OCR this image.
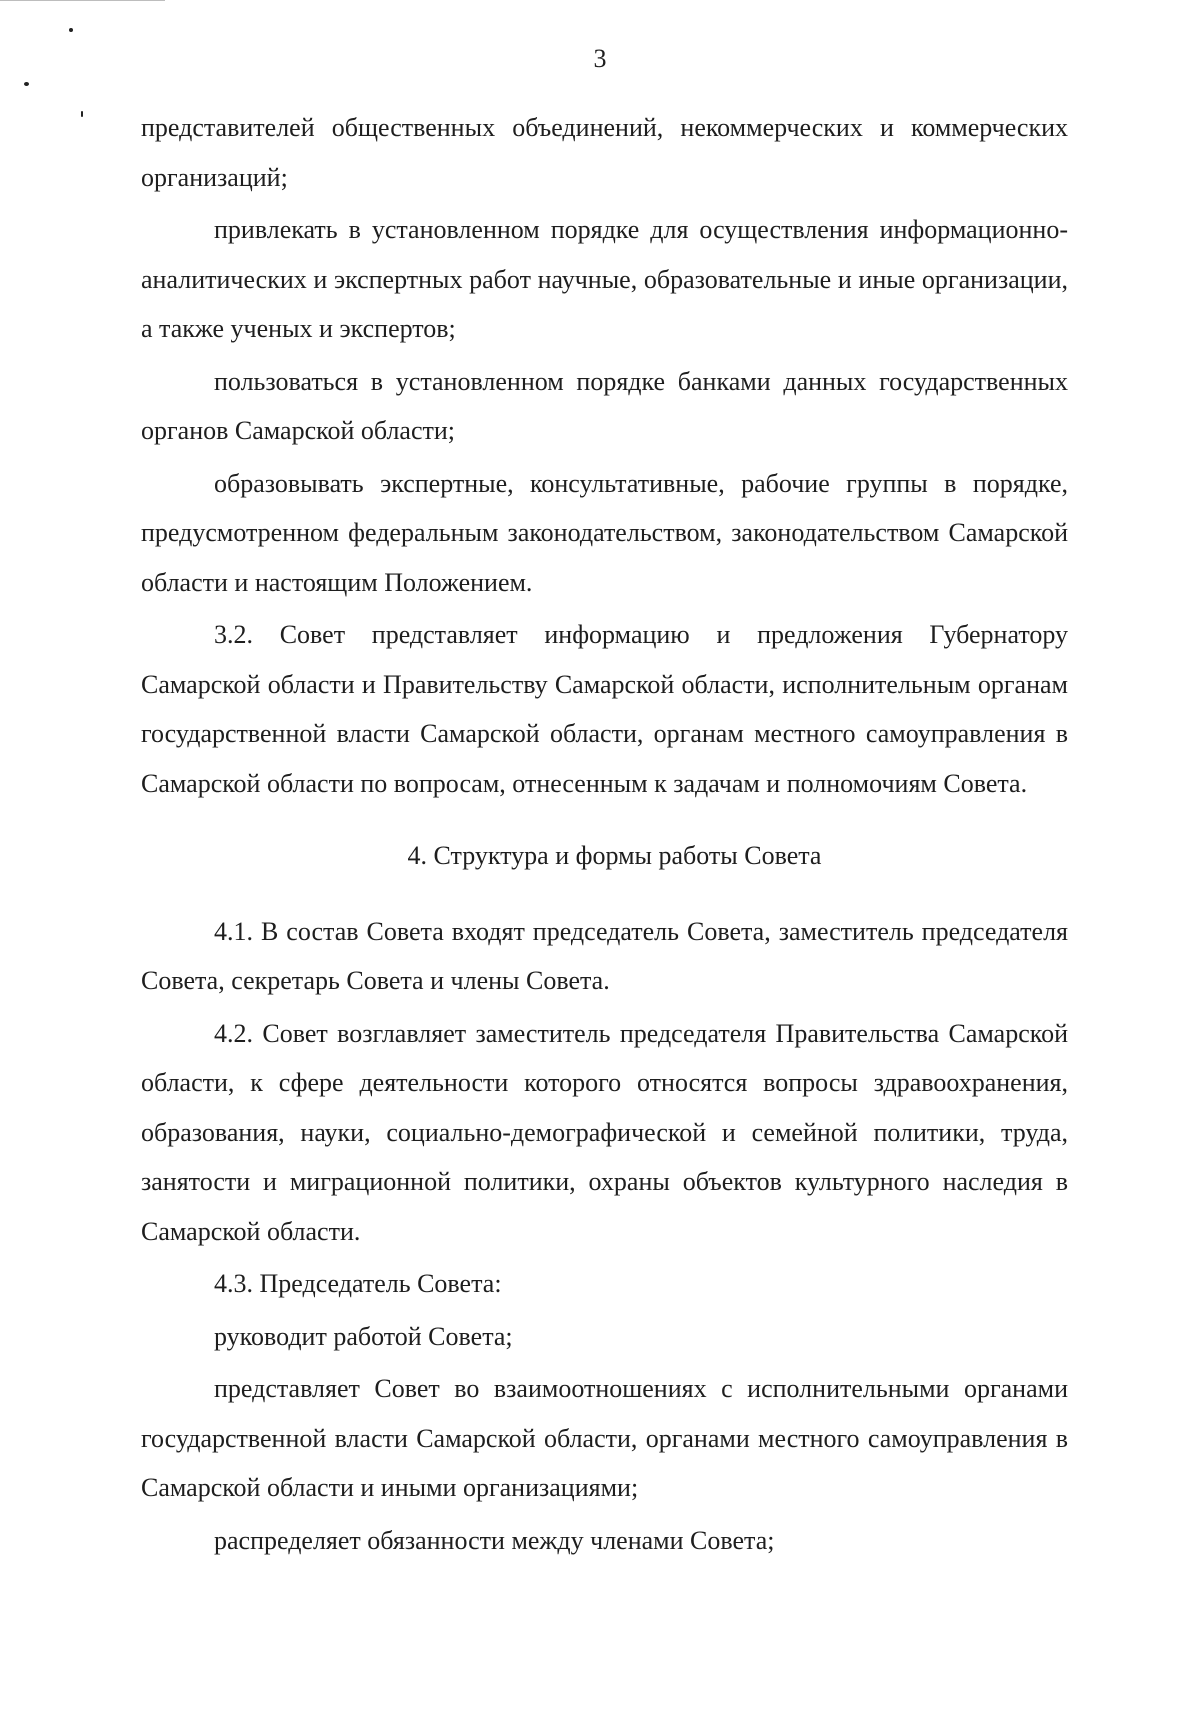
3

представителей общественных объединений, некоммерческих и коммерческих организаций;

привлекать в установленном порядке для осуществления информационно-аналитических и экспертных работ научные, образовательные и иные организации, а также ученых и экспертов;

пользоваться в установленном порядке банками данных государственных органов Самарской области;

образовывать экспертные, консультативные, рабочие группы в порядке, предусмотренном федеральным законодательством, законодательством Самарской области и настоящим Положением.

3.2. Совет представляет информацию и предложения Губернатору Самарской области и Правительству Самарской области, исполнительным органам государственной власти Самарской области, органам местного самоуправления в Самарской области по вопросам, отнесенным к задачам и полномочиям Совета.

4. Структура и формы работы Совета

4.1. В состав Совета входят председатель Совета, заместитель председателя Совета, секретарь Совета и члены Совета.

4.2. Совет возглавляет заместитель председателя Правительства Самарской области, к сфере деятельности которого относятся вопросы здравоохранения, образования, науки, социально-демографической и семейной политики, труда, занятости и миграционной политики, охраны объектов культурного наследия в Самарской области.

4.3. Председатель Совета:

руководит работой Совета;

представляет Совет во взаимоотношениях с исполнительными органами государственной власти Самарской области, органами местного самоуправления в Самарской области и иными организациями;

распределяет обязанности между членами Совета;
